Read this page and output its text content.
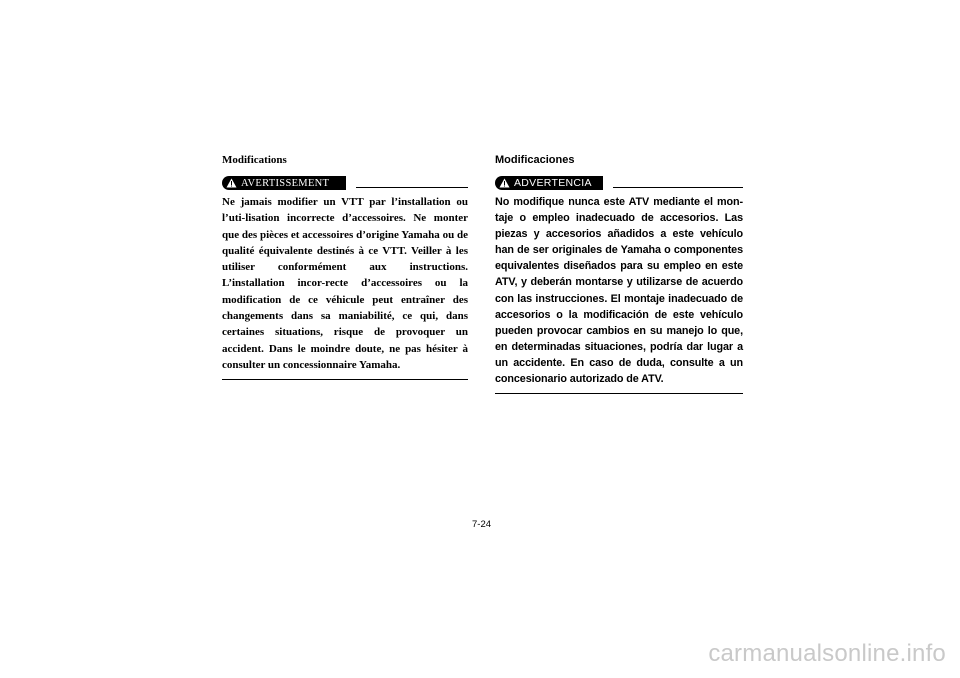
Modifications

AVERTISSEMENT

Ne jamais modifier un VTT par l’installation ou l’uti-lisation incorrecte d’accessoires. Ne monter que des pièces et accessoires d’origine Yamaha ou de qualité équivalente destinés à ce VTT. Veiller à les utiliser conformément aux instructions. L’installation incor-recte d’accessoires ou la modification de ce véhicule peut entraîner des changements dans sa maniabilité, ce qui, dans certaines situations, risque de provoquer un accident. Dans le moindre doute, ne pas hésiter à consulter un concessionnaire Yamaha.

Modificaciones

ADVERTENCIA

No modifique nunca este ATV mediante el mon-taje o empleo inadecuado de accesorios. Las piezas y accesorios añadidos a este vehículo han de ser originales de Yamaha o componentes equivalentes diseñados para su empleo en este ATV, y deberán montarse y utilizarse de acuerdo con las instrucciones. El montaje inadecuado de accesorios o la modificación de este vehículo pueden provocar cambios en su manejo lo que, en determinadas situaciones, podría dar lugar a un accidente. En caso de duda, consulte a un concesionario autorizado de ATV.

7-24
carmanualsonline.info
